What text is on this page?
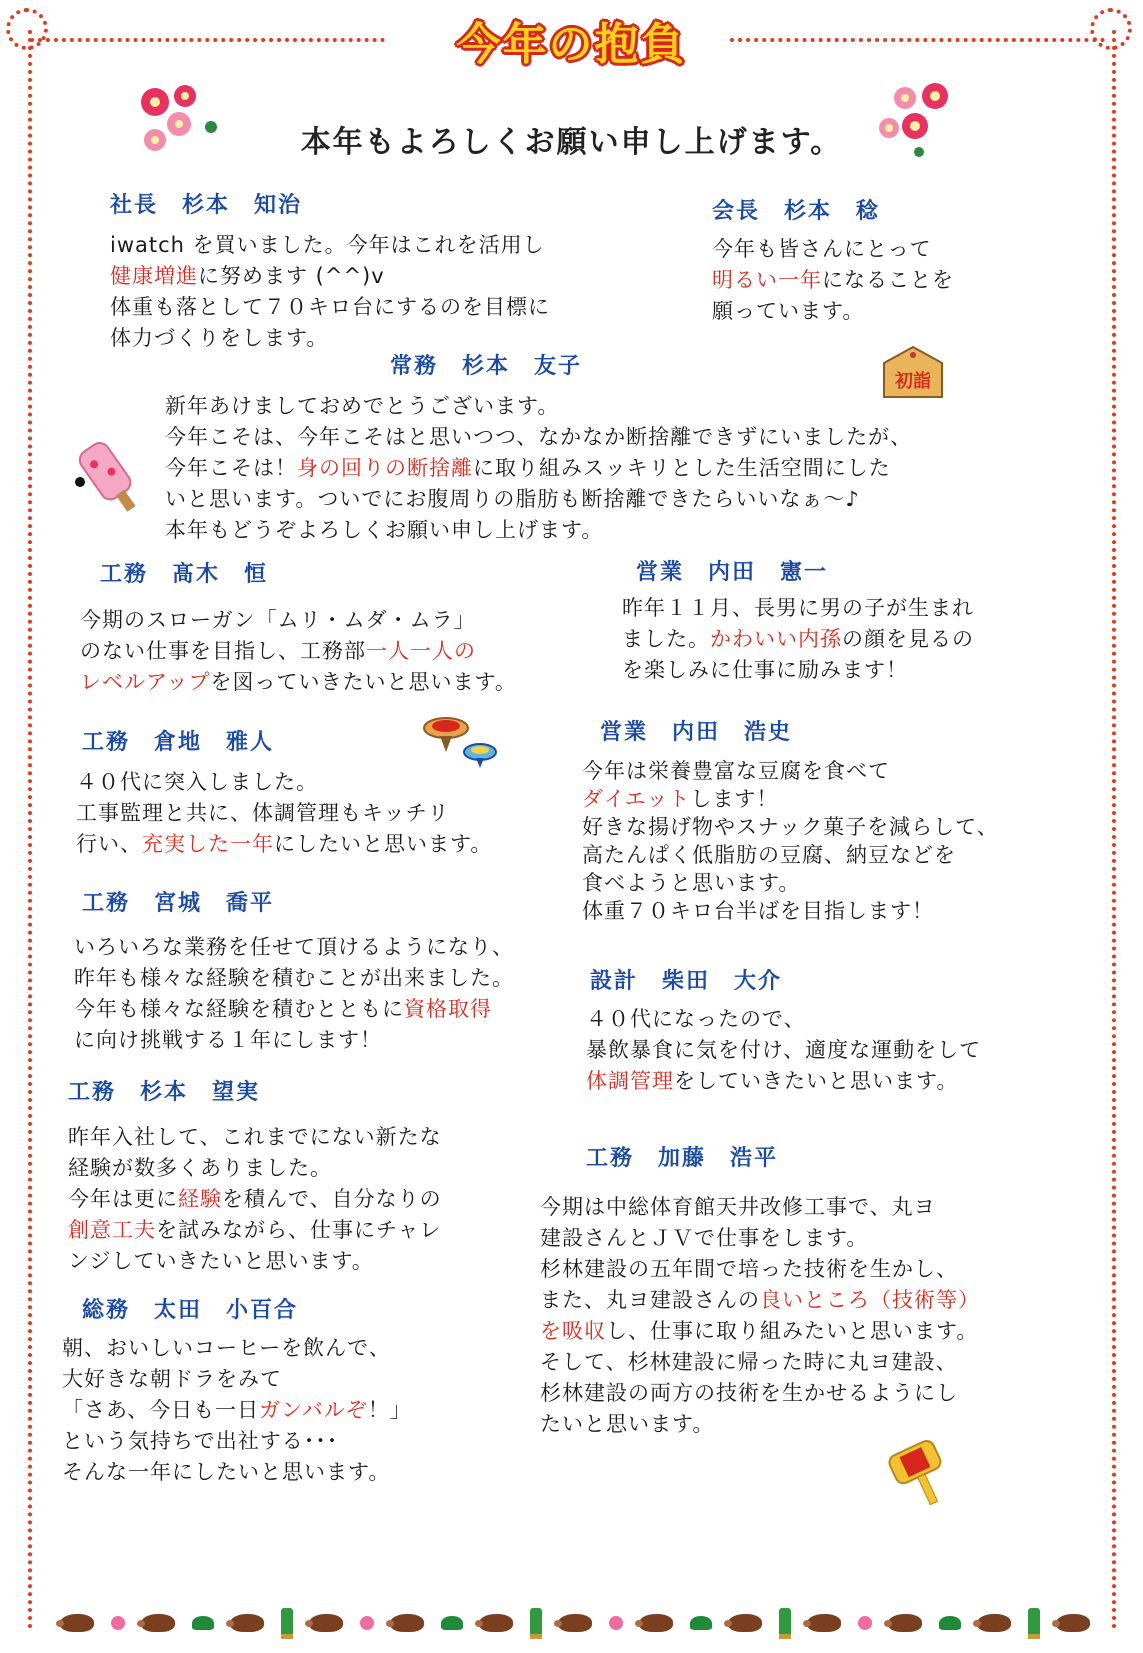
今年の抱負
本年もよろしくお願い申し上げます。
社長　杉本　知治
iwatch を買いました。今年はこれを活用し
健康増進に努めます (^^)v
体重も落として７０キロ台にするのを目標に
体力づくりをします。
会長　杉本　稔
今年も皆さんにとって
明るい一年になることを
願っています。
常務　杉本　友子
新年あけましておめでとうございます。
今年こそは、今年こそはと思いつつ、なかなか断捨離できずにいましたが、
今年こそは！身の回りの断捨離に取り組みスッキリとした生活空間にした
いと思います。ついでにお腹周りの脂肪も断捨離できたらいいなぁ～♪
本年もどうぞよろしくお願い申し上げます。
初詣
工務　髙木　恒
今期のスローガン「ムリ・ムダ・ムラ」
のない仕事を目指し、工務部一人一人の
レベルアップを図っていきたいと思います。
営業　内田　憲一
昨年１１月、長男に男の子が生まれ
ました。かわいい内孫の顔を見るの
を楽しみに仕事に励みます！
工務　倉地　雅人
４０代に突入しました。
工事監理と共に、体調管理もキッチリ
行い、充実した一年にしたいと思います。
営業　内田　浩史
今年は栄養豊富な豆腐を食べて
ダイエットします！
好きな揚げ物やスナック菓子を減らして、
高たんぱく低脂肪の豆腐、納豆などを
食べようと思います。
体重７０キロ台半ばを目指します！
工務　宮城　喬平
いろいろな業務を任せて頂けるようになり、
昨年も様々な経験を積むことが出来ました。
今年も様々な経験を積むとともに資格取得
に向け挑戦する１年にします！
設計　柴田　大介
４０代になったので、
暴飲暴食に気を付け、適度な運動をして
体調管理をしていきたいと思います。
工務　杉本　望実
昨年入社して、これまでにない新たな
経験が数多くありました。
今年は更に経験を積んで、自分なりの
創意工夫を試みながら、仕事にチャレ
ンジしていきたいと思います。
工務　加藤　浩平
今期は中総体育館天井改修工事で、丸ヨ
建設さんとＪＶで仕事をします。
杉林建設の五年間で培った技術を生かし、
また、丸ヨ建設さんの良いところ（技術等）
を吸収し、仕事に取り組みたいと思います。
そして、杉林建設に帰った時に丸ヨ建設、
杉林建設の両方の技術を生かせるようにし
たいと思います。
総務　太田　小百合
朝、おいしいコーヒーを飲んで、
大好きな朝ドラをみて
「さあ、今日も一日ガンバルぞ！」
という気持ちで出社する･･･
そんな一年にしたいと思います。
